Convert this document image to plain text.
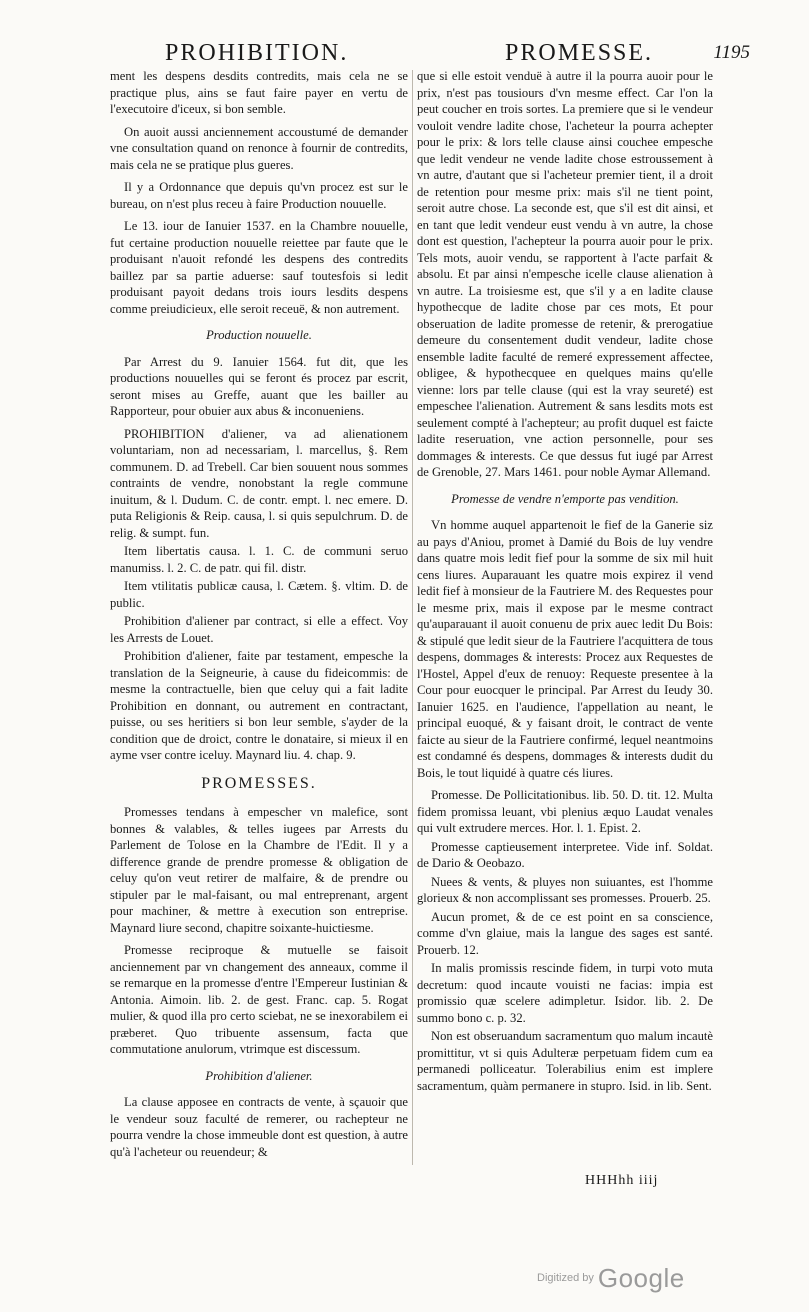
PROHIBITION.	PROMESSE.	1195

ment les despens desdits contredits, mais cela ne se practique plus, ains se faut faire payer en vertu de l'executoire d'iceux, si bon semble.

On auoit aussi anciennement accoustumé de demander vne consultation quand on renonce à fournir de contredits, mais cela ne se pratique plus gueres.

Il y a Ordonnance que depuis qu'vn procez est sur le bureau, on n'est plus receu à faire Production nouuelle.

Le 13. iour de Ianuier 1537. en la Chambre nouuelle, fut certaine production nouuelle reiettee par faute que le produisant n'auoit refondé les despens des contredits baillez par sa partie aduerse: sauf toutesfois si ledit produisant payoit dedans trois iours lesdits despens comme preiudicieux, elle seroit receuë, & non autrement.

Production nouuelle.

Par Arrest du 9. Ianuier 1564. fut dit, que les productions nouuelles qui se feront és procez par escrit, seront mises au Greffe, auant que les bailler au Rapporteur, pour obuier aux abus & inconueniens.

PROHIBITION d'aliener, va ad alienationem voluntariam, non ad necessariam, l. marcellus, §. Rem communem. D. ad Trebell. Car bien souuent nous sommes contraints de vendre, nonobstant la regle commune inuitum, & l. Dudum. C. de contr. empt. l. nec emere. D. puta Religionis & Reip. causa, l. si quis sepulchrum. D. de relig. & sumpt. fun.

Item libertatis causa. l. 1. C. de communi seruo manumiss. l. 2. C. de patr. qui fil. distr.

Item vtilitatis publicæ causa, l. Cætem. §. vltim. D. de public.

Prohibition d'aliener par contract, si elle a effect. Voy les Arrests de Louet.

Prohibition d'aliener, faite par testament, empesche la translation de la Seigneurie, à cause du fideicommis: de mesme la contractuelle, bien que celuy qui a fait ladite Prohibition en donnant, ou autrement en contractant, puisse, ou ses heritiers si bon leur semble, s'ayder de la condition que de droict, contre le donataire, si mieux il en ayme vser contre iceluy. Maynard liu. 4. chap. 9.

PROMESSES.

Promesses tendans à empescher vn malefice, sont bonnes & valables, & telles iugees par Arrests du Parlement de Tolose en la Chambre de l'Edit. Il y a difference grande de prendre promesse & obligation de celuy qu'on veut retirer de malfaire, & de prendre ou stipuler par le mal-faisant, ou mal entreprenant, argent pour machiner, & mettre à execution son entreprise. Maynard liure second, chapitre soixante-huictiesme.

Promesse reciproque & mutuelle se faisoit anciennement par vn changement des anneaux, comme il se remarque en la promesse d'entre l'Empereur Iustinian & Antonia. Aimoin. lib. 2. de gest. Franc. cap. 5. Rogat mulier, & quod illa pro certo sciebat, ne se inexorabilem ei præberet. Quo tribuente assensum, facta que commutatione anulorum, vtrimque est discessum.

Prohibition d'aliener.

La clause apposee en contracts de vente, à sçauoir que le vendeur souz faculté de remerer, ou rachepteur ne pourra vendre la chose immeuble dont est question, à autre qu'à l'acheteur ou reuendeur; &

que si elle estoit venduë à autre il la pourra auoir pour le prix, n'est pas tousiours d'vn mesme effect. Car l'on la peut coucher en trois sortes. La premiere que si le vendeur vouloit vendre ladite chose, l'acheteur la pourra achepter pour le prix: & lors telle clause ainsi couchee empesche que ledit vendeur ne vende ladite chose estroussement à vn autre, d'autant que si l'acheteur premier tient, il a droit de retention pour mesme prix: mais s'il ne tient point, seroit autre chose. La seconde est, que s'il est dit ainsi, et en tant que ledit vendeur eust vendu à vn autre, la chose dont est question, l'achepteur la pourra auoir pour le prix. Tels mots, auoir vendu, se rapportent à l'acte parfait & absolu. Et par ainsi n'empesche icelle clause alienation à vn autre. La troisiesme est, que s'il y a en ladite clause hypothecque de ladite chose par ces mots, Et pour obseruation de ladite promesse de retenir, & prerogatiue demeure du consentement dudit vendeur, ladite chose ensemble ladite faculté de remeré expressement affectee, obligee, & hypothecquee en quelques mains qu'elle vienne: lors par telle clause (qui est la vray seureté) est empeschee l'alienation. Autrement & sans lesdits mots est seulement compté à l'achepteur; au profit duquel est faicte ladite reseruation, vne action personnelle, pour ses dommages & interests. Ce que dessus fut iugé par Arrest de Grenoble, 27. Mars 1461. pour noble Aymar Allemand.

Promesse de vendre n'emporte pas vendition.

Vn homme auquel appartenoit le fief de la Ganerie siz au pays d'Aniou, promet à Damié du Bois de luy vendre dans quatre mois ledit fief pour la somme de six mil huit cens liures. Auparauant les quatre mois expirez il vend ledit fief à monsieur de la Fautriere M. des Requestes pour le mesme prix, mais il expose par le mesme contract qu'auparauant il auoit conuenu de prix auec ledit Du Bois: & stipulé que ledit sieur de la Fautriere l'acquittera de tous despens, dommages & interests: Procez aux Requestes de l'Hostel, Appel d'eux de renuoy: Requeste presentee à la Cour pour euocquer le principal. Par Arrest du Ieudy 30. Ianuier 1625. en l'audience, l'appellation au neant, le principal euoqué, & y faisant droit, le contract de vente faicte au sieur de la Fautriere confirmé, lequel neantmoins est condamné és despens, dommages & interests dudit du Bois, le tout liquidé à quatre cés liures.

Promesse. De Pollicitationibus. lib. 50. D. tit. 12. Multa fidem promissa leuant, vbi plenius æquo Laudat venales qui vult extrudere merces. Hor. l. 1. Epist. 2.

Promesse captieusement interpretee. Vide inf. Soldat. de Dario & Oeobazo.

Nuees & vents, & pluyes non suiuantes, est l'homme glorieux & non accomplissant ses promesses. Prouerb. 25.

Aucun promet, & de ce est point en sa conscience, comme d'vn glaiue, mais la langue des sages est santé. Prouerb. 12.

In malis promissis rescinde fidem, in turpi voto muta decretum: quod incaute vouisti ne facias: impia est promissio quæ scelere adimpletur. Isidor. lib. 2. De summo bono c. p. 32.

Non est obseruandum sacramentum quo malum incautè promittitur, vt si quis Adulteræ perpetuam fidem cum ea permanedi polliceatur. Tolerabilius enim est implere sacramentum, quàm permanere in stupro. Isid. in lib. Sent.

HHHhh iiij
$^{Digitized by}$ Google
